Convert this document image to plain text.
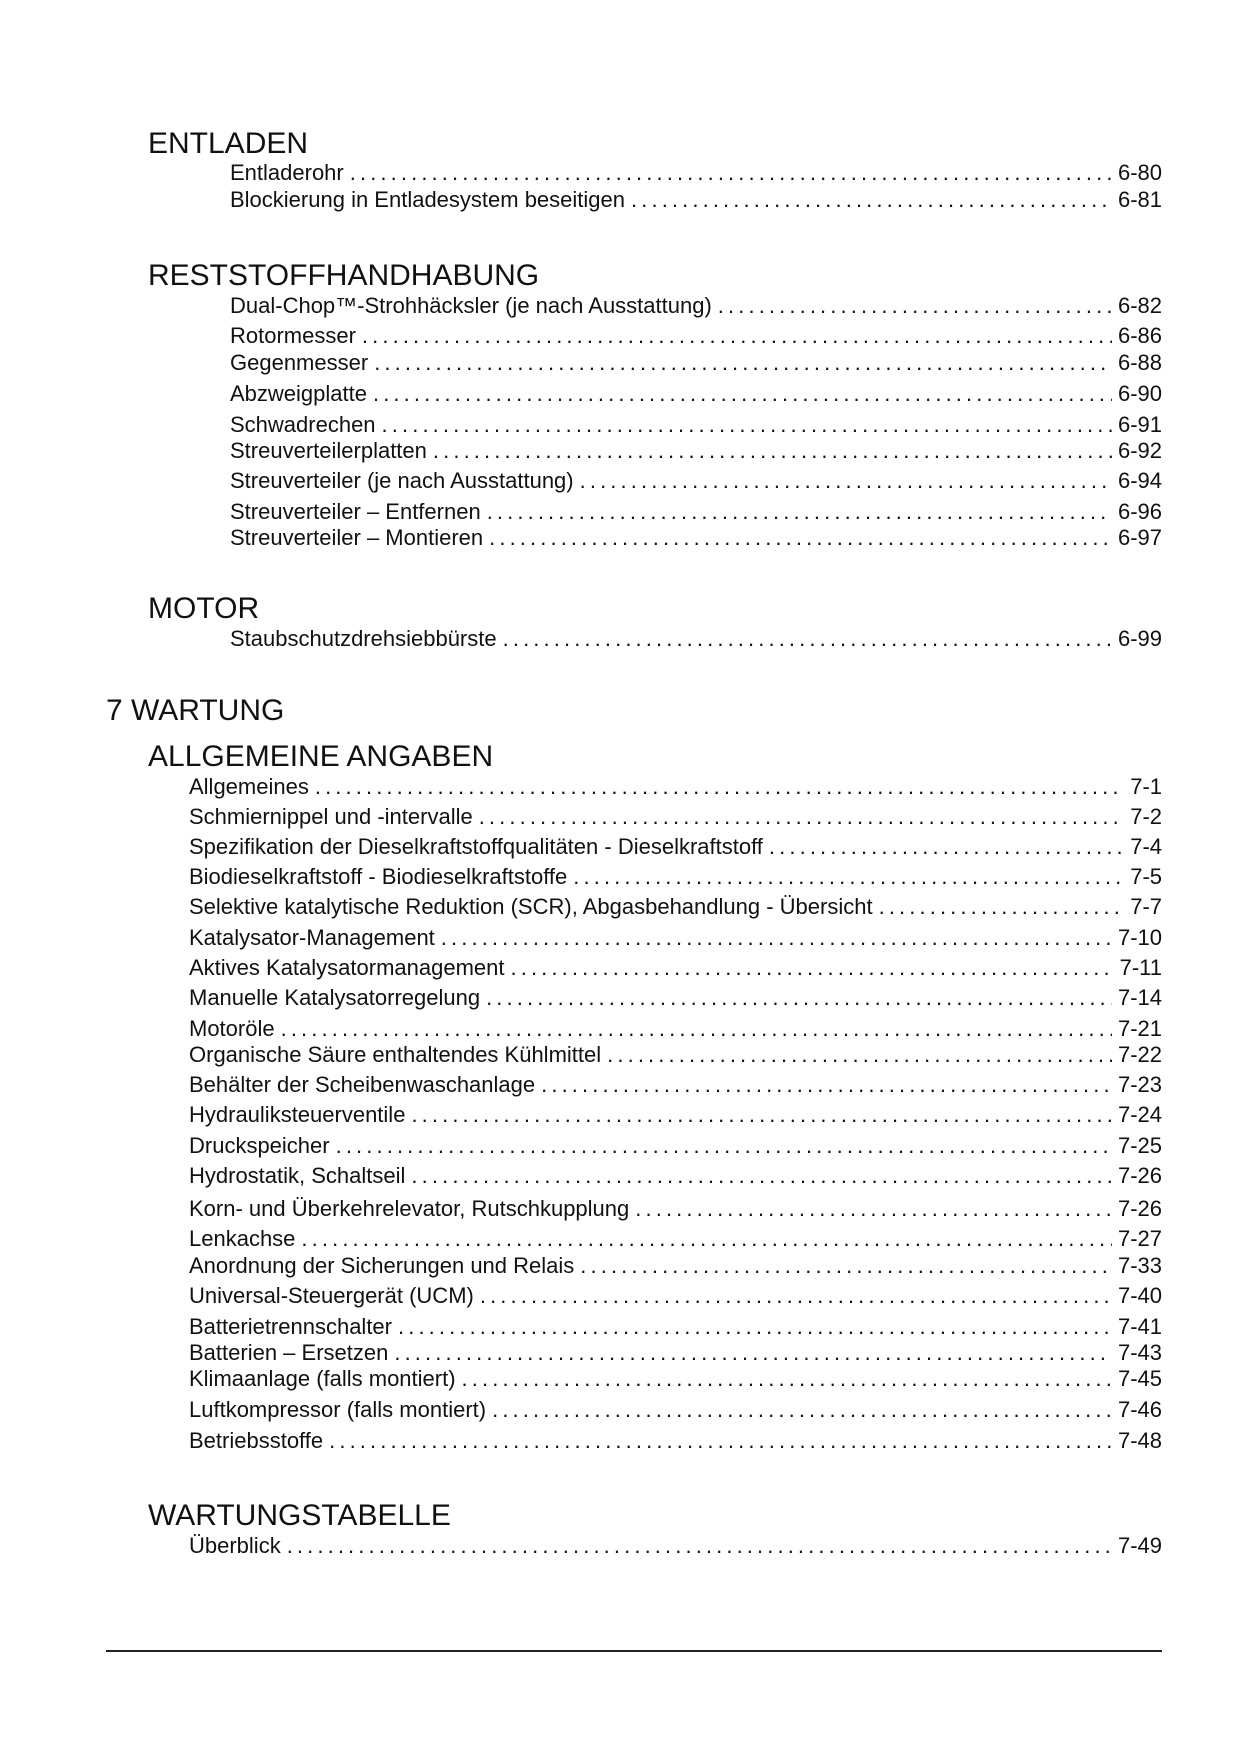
ENTLADEN
Entladerohr . . .	6-80
Blockierung in Entladesystem beseitigen . . .	6-81
RESTSTOFFHANDHABUNG
Dual-Chop™-Strohhäcksler (je nach Ausstattung) . . .	6-82
Rotormesser . . .	6-86
Gegenmesser . . .	6-88
Abzweigplatte . . .	6-90
Schwadrechen . . .	6-91
Streuverteilerplatten . . .	6-92
Streuverteiler (je nach Ausstattung) . . .	6-94
Streuverteiler – Entfernen . . .	6-96
Streuverteiler – Montieren . . .	6-97
MOTOR
Staubschutzdrehsiebbürste . . .	6-99
7 WARTUNG
ALLGEMEINE ANGABEN
Allgemeines . . .	7-1
Schmiernippel und -intervalle . . .	7-2
Spezifikation der Dieselkraftstoffqualitäten - Dieselkraftstoff . . .	7-4
Biodieselkraftstoff - Biodieselkraftstoffe . . .	7-5
Selektive katalytische Reduktion (SCR), Abgasbehandlung - Übersicht . . .	7-7
Katalysator-Management . . .	7-10
Aktives Katalysatormanagement . . .	7-11
Manuelle Katalysatorregelung . . .	7-14
Motoröle . . .	7-21
Organische Säure enthaltendes Kühlmittel . . .	7-22
Behälter der Scheibenwaschanlage . . .	7-23
Hydrauliksteuerventile . . .	7-24
Druckspeicher . . .	7-25
Hydrostatik, Schaltseil . . .	7-26
Korn- und Überkehrelevator, Rutschkupplung . . .	7-26
Lenkachse . . .	7-27
Anordnung der Sicherungen und Relais . . .	7-33
Universal-Steuergerät (UCM) . . .	7-40
Batterietrennschalter . . .	7-41
Batterien – Ersetzen . . .	7-43
Klimaanlage (falls montiert) . . .	7-45
Luftkompressor (falls montiert) . . .	7-46
Betriebsstoffe . . .	7-48
WARTUNGSTABELLE
Überblick . . .	7-49
